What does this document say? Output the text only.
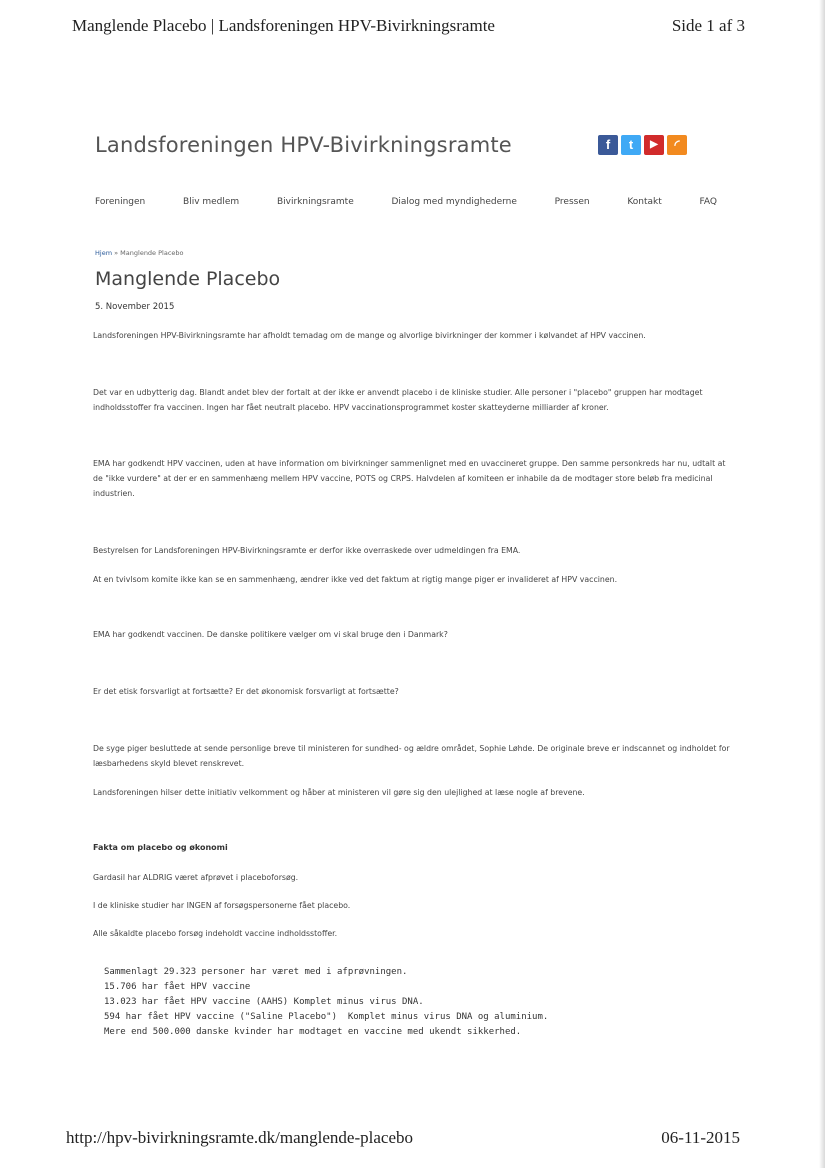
Manglende Placebo | Landsforeningen HPV-Bivirkningsramte	Side 1 af 3
Landsforeningen HPV-Bivirkningsramte	f	t	▶	◜
Foreningen	Bliv medlem	Bivirkningsramte	Dialog med myndighederne	Pressen	Kontakt	FAQ
Hjem » Manglende Placebo
Manglende Placebo
5. November 2015

Landsforeningen HPV-Bivirkningsramte har afholdt temadag om de mange og alvorlige bivirkninger der kommer i kølvandet af HPV vaccinen.

Det var en udbytterig dag. Blandt andet blev der fortalt at der ikke er anvendt placebo i de kliniske studier. Alle personer i "placebo" gruppen har modtaget indholdsstoffer fra vaccinen. Ingen har fået neutralt placebo. HPV vaccinationsprogrammet koster skatteyderne milliarder af kroner.

EMA har godkendt HPV vaccinen, uden at have information om bivirkninger sammenlignet med en uvaccineret gruppe. Den samme personkreds har nu, udtalt at de "ikke vurdere" at der er en sammenhæng mellem HPV vaccine, POTS og CRPS. Halvdelen af komiteen er inhabile da de modtager store beløb fra medicinal industrien.

Bestyrelsen for Landsforeningen HPV-Bivirkningsramte er derfor ikke overraskede over udmeldingen fra EMA.

At en tvivlsom komite ikke kan se en sammenhæng, ændrer ikke ved det faktum at rigtig mange piger er invalideret af HPV vaccinen.

EMA har godkendt vaccinen. De danske politikere vælger om vi skal bruge den i Danmark?

Er det etisk forsvarligt at fortsætte? Er det økonomisk forsvarligt at fortsætte?

De syge piger besluttede at sende personlige breve til ministeren for sundhed- og ældre området, Sophie Løhde. De originale breve er indscannet og indholdet for læsbarhedens skyld blevet renskrevet.

Landsforeningen hilser dette initiativ velkomment og håber at ministeren vil gøre sig den ulejlighed at læse nogle af brevene.

Fakta om placebo og økonomi

Gardasil har ALDRIG været afprøvet i placeboforsøg.

I de kliniske studier har INGEN af forsøgspersonerne fået placebo.

Alle såkaldte placebo forsøg indeholdt vaccine indholdsstoffer.

Sammenlagt 29.323 personer har været med i afprøvningen.

15.706 har fået HPV vaccine

13.023 har fået HPV vaccine (AAHS) Komplet minus virus DNA.

594 har fået HPV vaccine ("Saline Placebo")  Komplet minus virus DNA og aluminium.

Mere end 500.000 danske kvinder har modtaget en vaccine med ukendt sikkerhed.

http://hpv-bivirkningsramte.dk/manglende-placebo	06-11-2015
